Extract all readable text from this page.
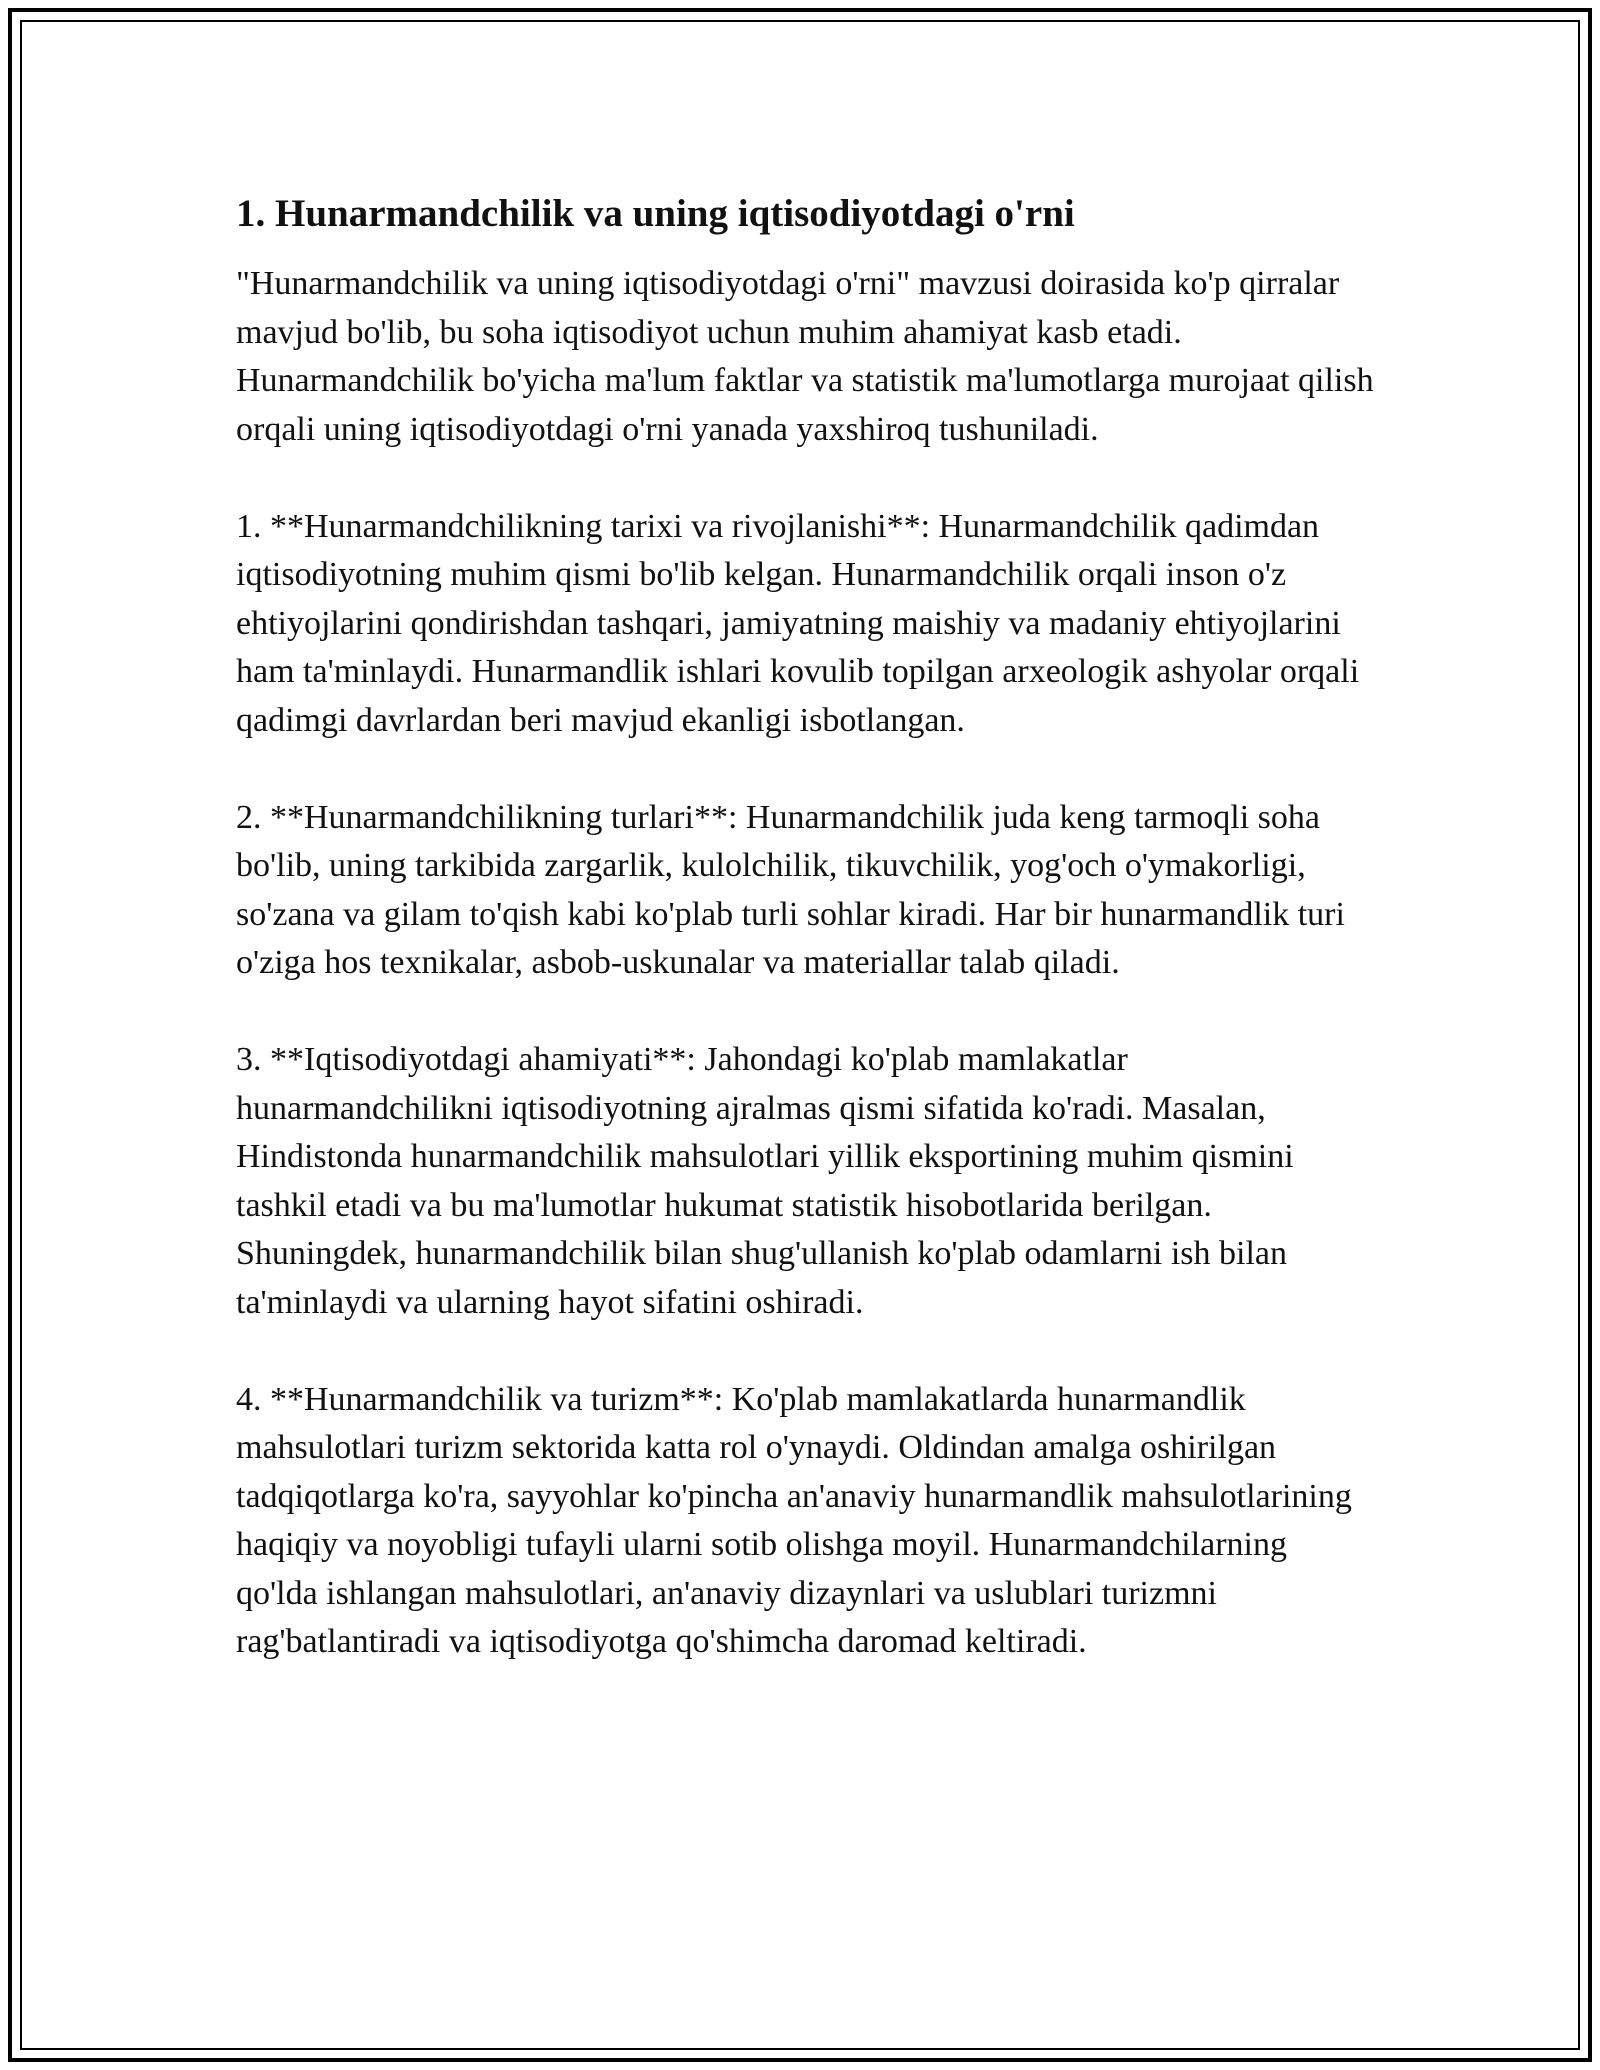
1. Hunarmandchilik va uning iqtisodiyotdagi o'rni

"Hunarmandchilik va uning iqtisodiyotdagi o'rni" mavzusi doirasida ko'p qirralar mavjud bo'lib, bu soha iqtisodiyot uchun muhim ahamiyat kasb etadi. Hunarmandchilik bo'yicha ma'lum faktlar va statistik ma'lumotlarga murojaat qilish orqali uning iqtisodiyotdagi o'rni yanada yaxshiroq tushuniladi.

1. **Hunarmandchilikning tarixi va rivojlanishi**: Hunarmandchilik qadimdan iqtisodiyotning muhim qismi bo'lib kelgan. Hunarmandchilik orqali inson o'z ehtiyojlarini qondirishdan tashqari, jamiyatning maishiy va madaniy ehtiyojlarini ham ta'minlaydi. Hunarmandlik ishlari kovulib topilgan arxeologik ashyolar orqali qadimgi davrlardan beri mavjud ekanligi isbotlangan.

2. **Hunarmandchilikning turlari**: Hunarmandchilik juda keng tarmoqli soha bo'lib, uning tarkibida zargarlik, kulolchilik, tikuvchilik, yog'och o'ymakorligi, so'zana va gilam to'qish kabi ko'plab turli sohlar kiradi. Har bir hunarmandlik turi o'ziga hos texnikalar, asbob-uskunalar va materiallar talab qiladi.

3. **Iqtisodiyotdagi ahamiyati**: Jahondagi ko'plab mamlakatlar hunarmandchilikni iqtisodiyotning ajralmas qismi sifatida ko'radi. Masalan, Hindistonda hunarmandchilik mahsulotlari yillik eksportining muhim qismini tashkil etadi va bu ma'lumotlar hukumat statistik hisobotlarida berilgan. Shuningdek, hunarmandchilik bilan shug'ullanish ko'plab odamlarni ish bilan ta'minlaydi va ularning hayot sifatini oshiradi.

4. **Hunarmandchilik va turizm**: Ko'plab mamlakatlarda hunarmandlik mahsulotlari turizm sektorida katta rol o'ynaydi. Oldindan amalga oshirilgan tadqiqotlarga ko'ra, sayyohlar ko'pincha an'anaviy hunarmandlik mahsulotlarining haqiqiy va noyobligi tufayli ularni sotib olishga moyil. Hunarmandchilarning qo'lda ishlangan mahsulotlari, an'anaviy dizaynlari va uslublari turizmni rag'batlantiradi va iqtisodiyotga qo'shimcha daromad keltiradi.
